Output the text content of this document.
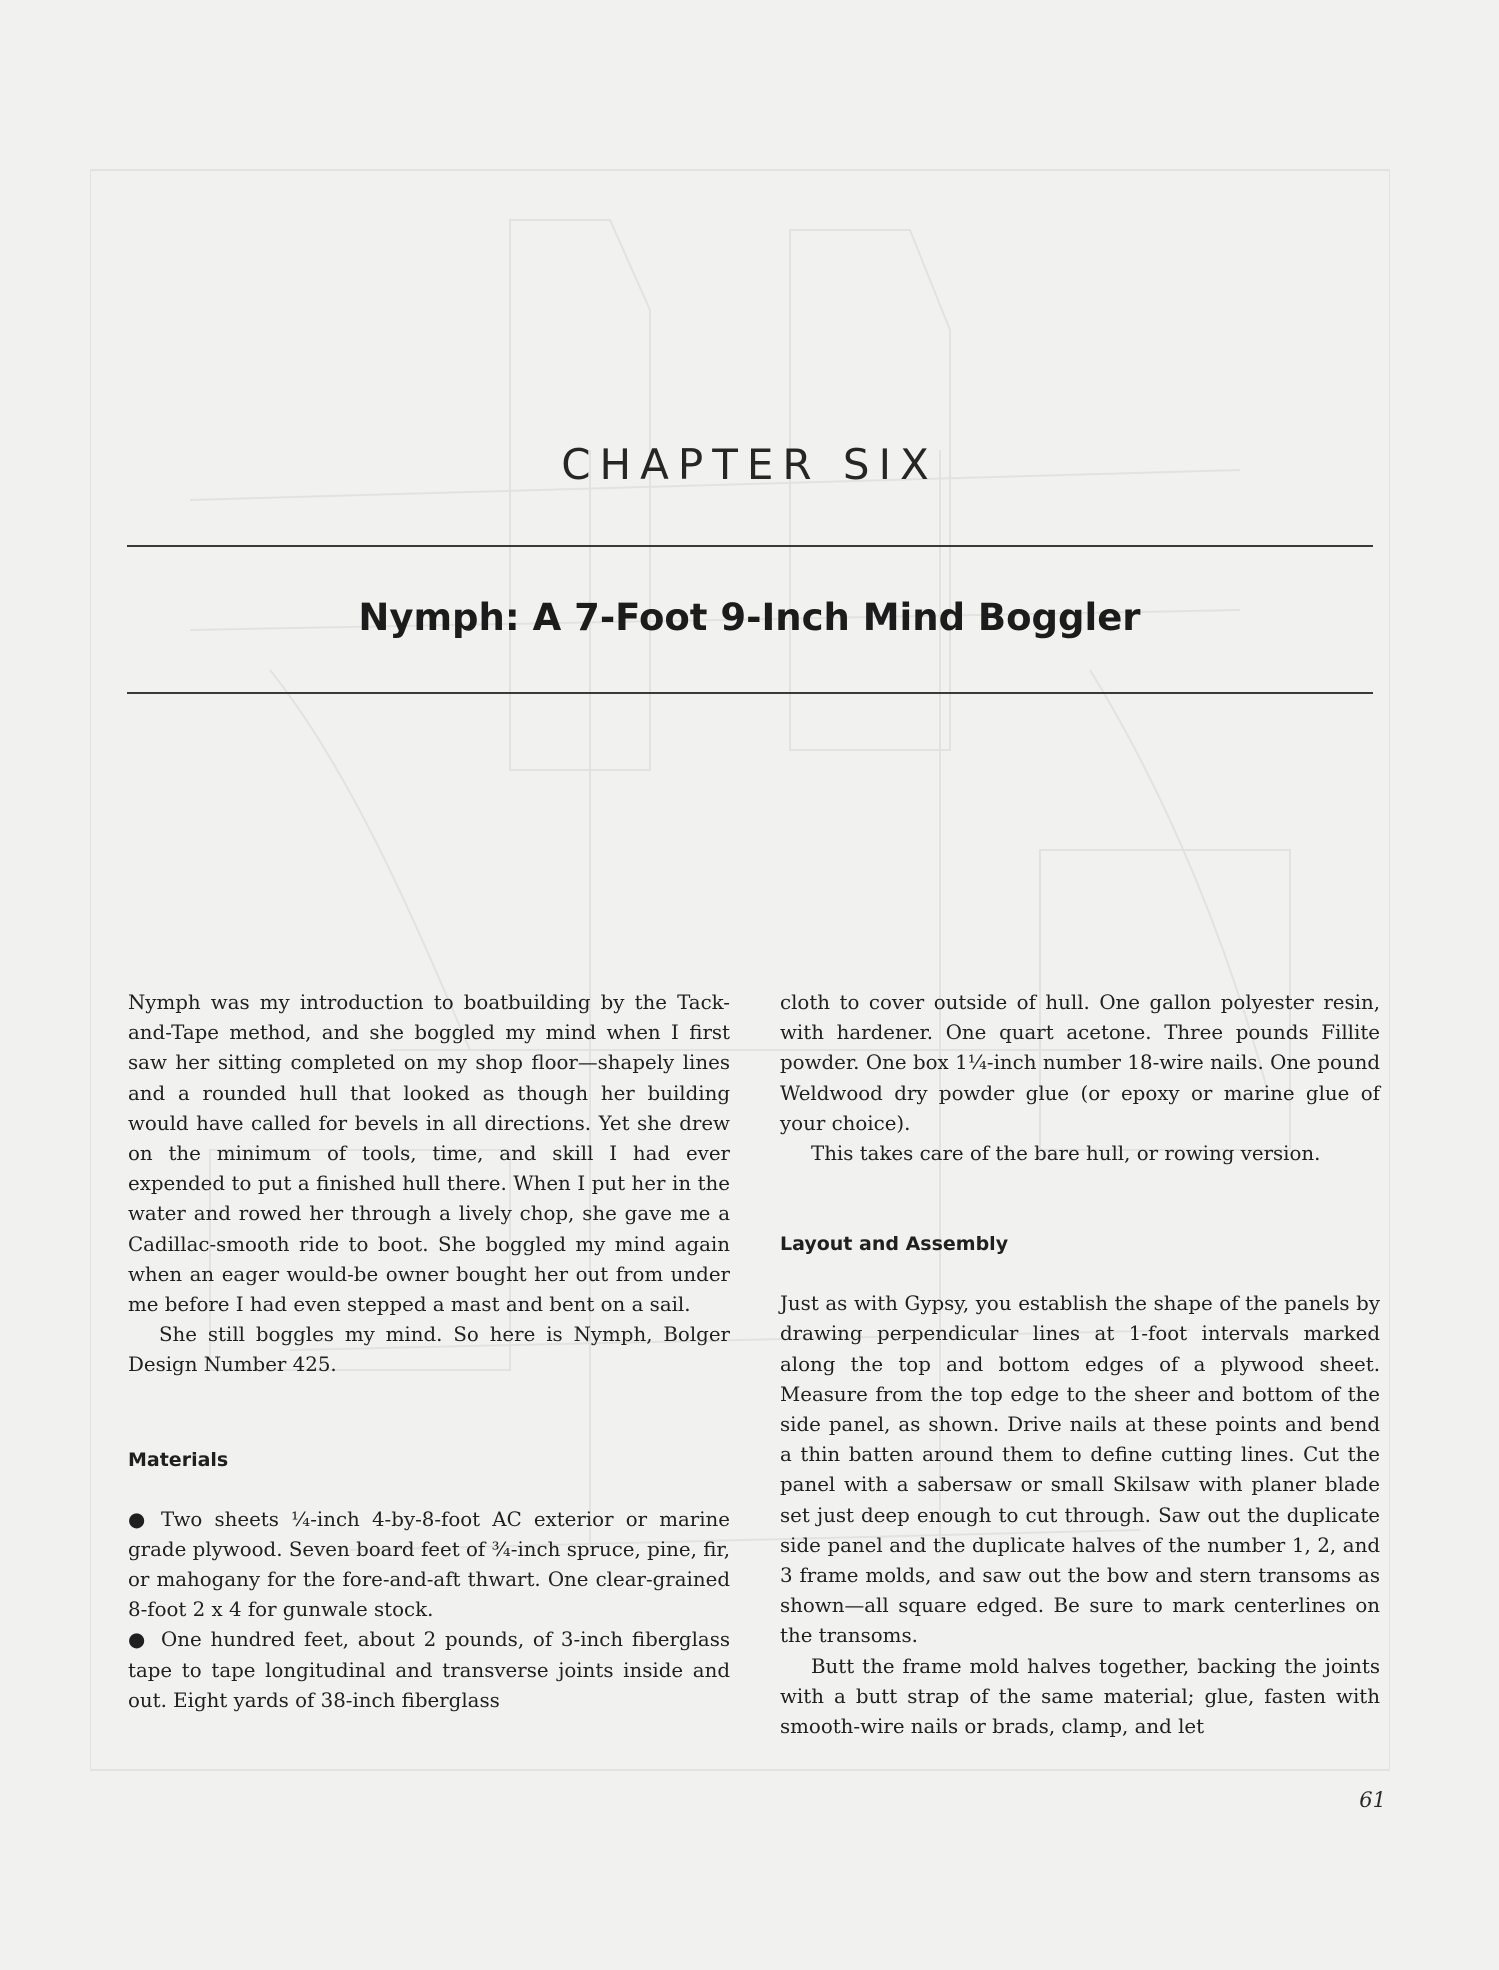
CHAPTER SIX
Nymph: A 7-Foot 9-Inch Mind Boggler

Nymph was my introduction to boatbuilding by the Tack-and-Tape method, and she boggled my mind when I first saw her sitting completed on my shop floor—shapely lines and a rounded hull that looked as though her building would have called for bevels in all directions. Yet she drew on the minimum of tools, time, and skill I had ever expended to put a finished hull there. When I put her in the water and rowed her through a lively chop, she gave me a Cadillac-smooth ride to boot. She boggled my mind again when an eager would-be owner bought her out from under me before I had even stepped a mast and bent on a sail.

She still boggles my mind. So here is Nymph, Bolger Design Number 425.

Materials

● Two sheets ¼-inch 4-by-8-foot AC exterior or marine grade plywood. Seven board feet of ¾-inch spruce, pine, fir, or mahogany for the fore-and-aft thwart. One clear-grained 8-foot 2 x 4 for gunwale stock.

● One hundred feet, about 2 pounds, of 3-inch fiberglass tape to tape longitudinal and transverse joints inside and out. Eight yards of 38-inch fiberglass

cloth to cover outside of hull. One gallon polyester resin, with hardener. One quart acetone. Three pounds Fillite powder. One box 1¼-inch number 18-wire nails. One pound Weldwood dry powder glue (or epoxy or marine glue of your choice).

This takes care of the bare hull, or rowing version.

Layout and Assembly

Just as with Gypsy, you establish the shape of the panels by drawing perpendicular lines at 1-foot intervals marked along the top and bottom edges of a plywood sheet. Measure from the top edge to the sheer and bottom of the side panel, as shown. Drive nails at these points and bend a thin batten around them to define cutting lines. Cut the panel with a sabersaw or small Skilsaw with planer blade set just deep enough to cut through. Saw out the duplicate side panel and the duplicate halves of the number 1, 2, and 3 frame molds, and saw out the bow and stern transoms as shown—all square edged. Be sure to mark centerlines on the transoms.

Butt the frame mold halves together, backing the joints with a butt strap of the same material; glue, fasten with smooth-wire nails or brads, clamp, and let

61
